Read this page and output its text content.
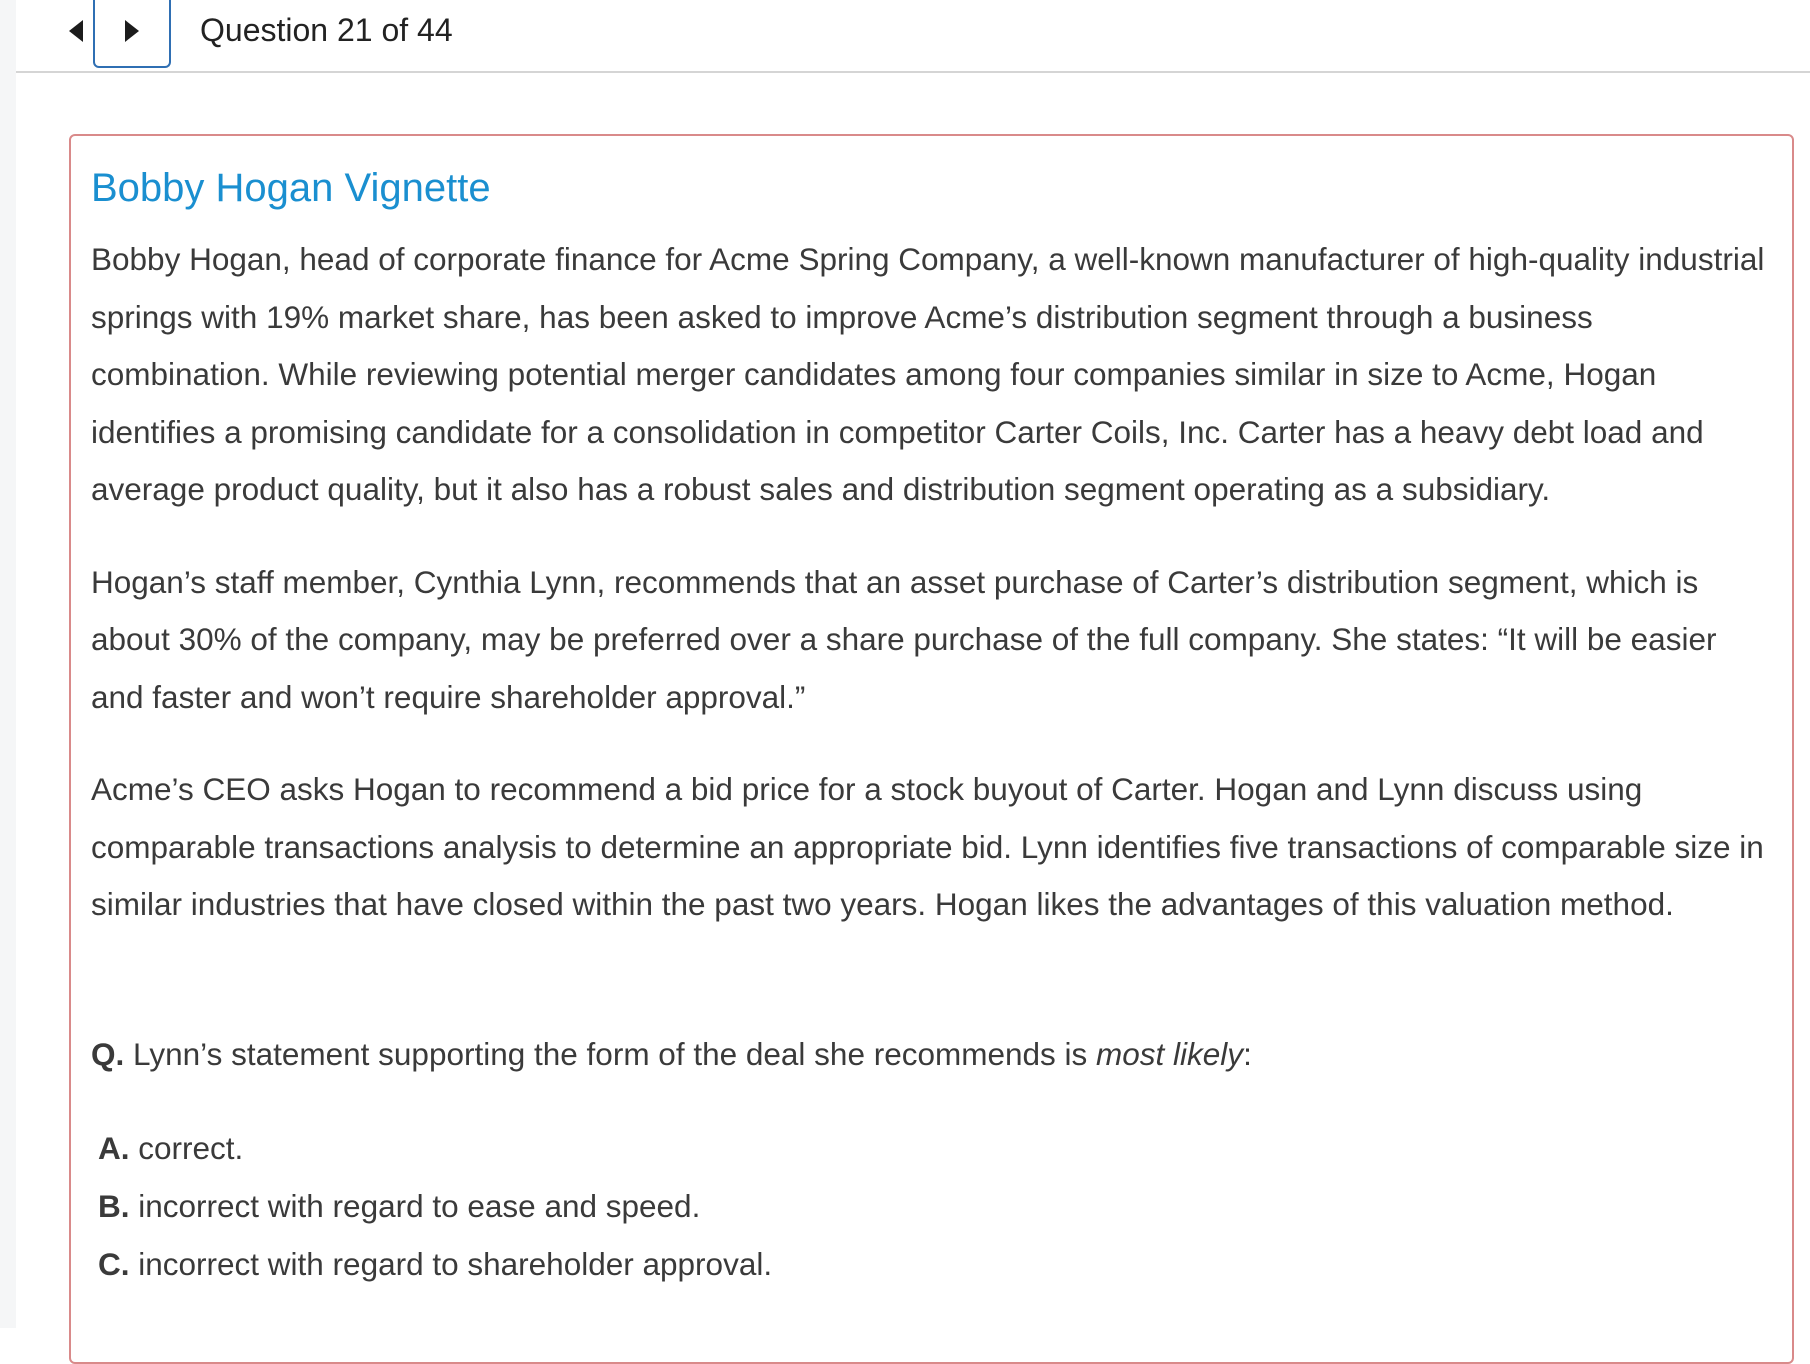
Question 21 of 44
Bobby Hogan Vignette

Bobby Hogan, head of corporate finance for Acme Spring Company, a well-known manufacturer of high-quality industrial springs with 19% market share, has been asked to improve Acme’s distribution segment through a business combination. While reviewing potential merger candidates among four companies similar in size to Acme, Hogan identifies a promising candidate for a consolidation in competitor Carter Coils, Inc. Carter has a heavy debt load and average product quality, but it also has a robust sales and distribution segment operating as a subsidiary.

Hogan’s staff member, Cynthia Lynn, recommends that an asset purchase of Carter’s distribution segment, which is about 30% of the company, may be preferred over a share purchase of the full company. She states: “It will be easier and faster and won’t require shareholder approval.”

Acme’s CEO asks Hogan to recommend a bid price for a stock buyout of Carter. Hogan and Lynn discuss using comparable transactions analysis to determine an appropriate bid. Lynn identifies five transactions of comparable size in similar industries that have closed within the past two years. Hogan likes the advantages of this valuation method.

Q. Lynn’s statement supporting the form of the deal she recommends is most likely:

A. correct.
B. incorrect with regard to ease and speed.
C. incorrect with regard to shareholder approval.
